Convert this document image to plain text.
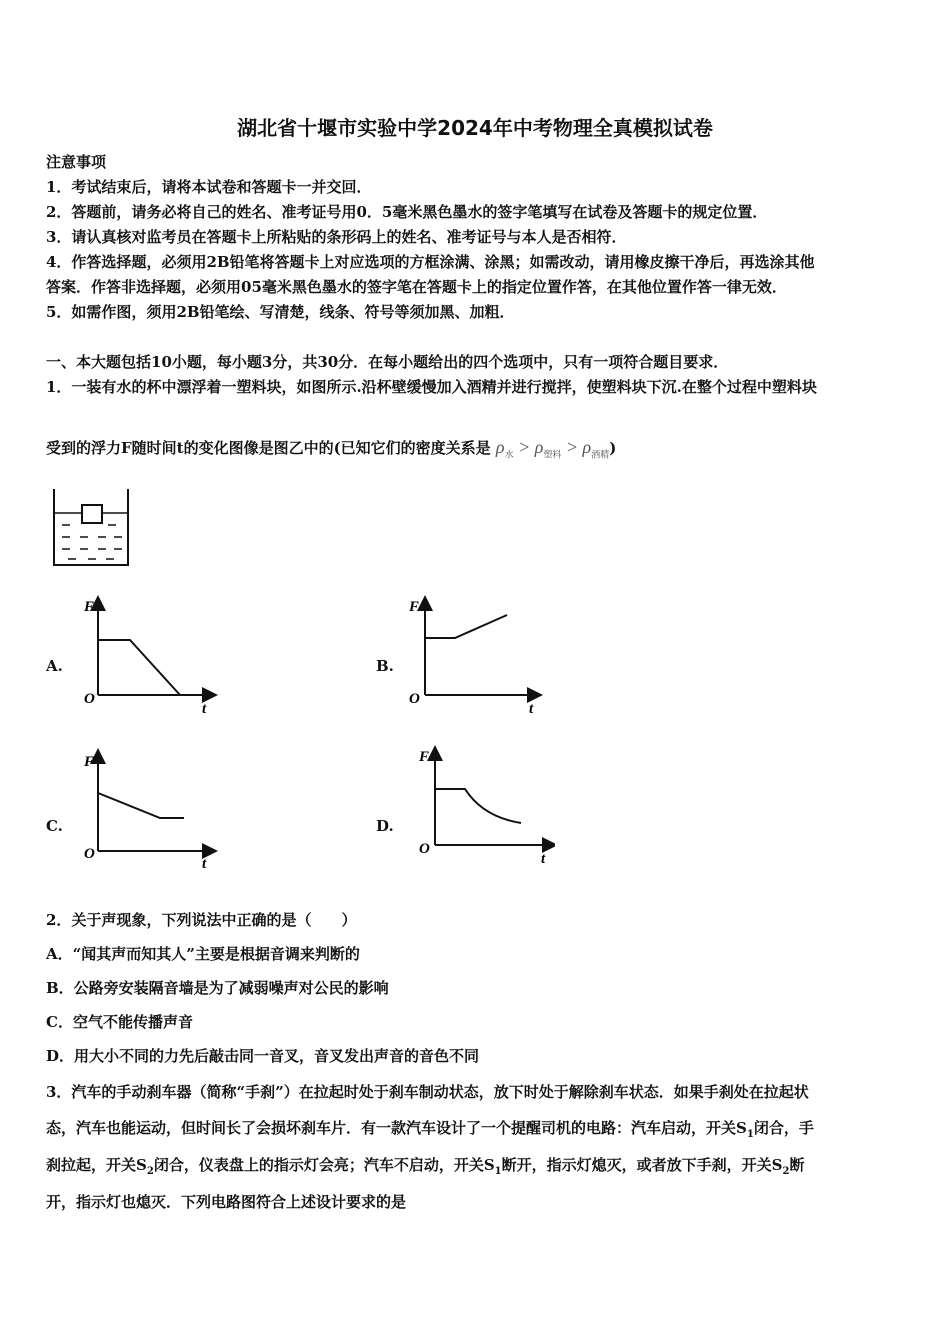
湖北省十堰市实验中学2024年中考物理全真模拟试卷
注意事项
1．考试结束后，请将本试卷和答题卡一并交回．
2．答题前，请务必将自己的姓名、准考证号用0．5毫米黑色墨水的签字笔填写在试卷及答题卡的规定位置．
3．请认真核对监考员在答题卡上所粘贴的条形码上的姓名、准考证号与本人是否相符．
4．作答选择题，必须用2B铅笔将答题卡上对应选项的方框涂满、涂黑；如需改动，请用橡皮擦干净后，再选涂其他
答案．作答非选择题，必须用05毫米黑色墨水的签字笔在答题卡上的指定位置作答，在其他位置作答一律无效．
5．如需作图，须用2B铅笔绘、写清楚，线条、符号等须加黑、加粗．
一、本大题包括10小题，每小题3分，共30分．在每小题给出的四个选项中，只有一项符合题目要求．
1．一装有水的杯中漂浮着一塑料块，如图所示.沿杯壁缓慢加入酒精并进行搅拌，使塑料块下沉.在整个过程中塑料块
受到的浮力F随时间t的变化图像是图乙中的(已知它们的密度关系是 $\rho_水 > \rho_{塑料} > \rho_{酒精}$)
A.
F
O
t
B.
F
O
t
C.
F
O
t
D.
F
O
t
2．关于声现象，下列说法中正确的是（　　）
A．“闻其声而知其人”主要是根据音调来判断的
B．公路旁安装隔音墙是为了减弱噪声对公民的影响
C．空气不能传播声音
D．用大小不同的力先后敲击同一音叉，音叉发出声音的音色不同
3．汽车的手动刹车器（简称“手刹”）在拉起时处于刹车制动状态，放下时处于解除刹车状态．如果手刹处在拉起状
态，汽车也能运动，但时间长了会损坏刹车片．有一款汽车设计了一个提醒司机的电路：汽车启动，开关$S_1$闭合，手
刹拉起，开关$S_2$闭合，仪表盘上的指示灯会亮；汽车不启动，开关$S_1$断开，指示灯熄灭，或者放下手刹，开关$S_2$断
开，指示灯也熄灭．下列电路图符合上述设计要求的是
